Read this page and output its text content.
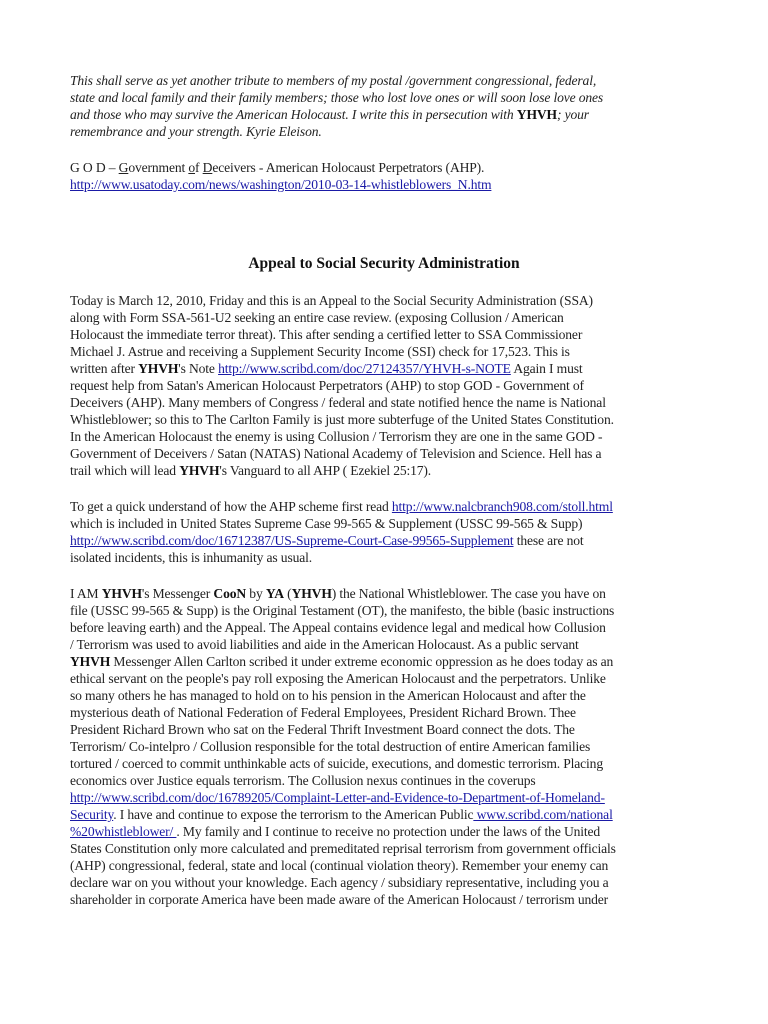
This shall serve as yet another tribute to members of my postal /government congressional, federal,
state and local family and their family members; those who lost love ones or will soon lose love ones
and those who may survive the American Holocaust. I write this in persecution with YHVH; your
remembrance and your strength. Kyrie Eleison.
G O D – Government of Deceivers - American Holocaust Perpetrators (AHP).
http://www.usatoday.com/news/washington/2010-03-14-whistleblowers_N.htm
Appeal to Social Security Administration
Today is March 12, 2010, Friday and this is an Appeal to the Social Security Administration (SSA)
along with Form SSA-561-U2 seeking an entire case review. (exposing Collusion / American
Holocaust the immediate terror threat). This after sending a certified letter to SSA Commissioner
Michael J. Astrue and receiving a Supplement Security Income (SSI) check for 17,523. This is
written after YHVH's Note http://www.scribd.com/doc/27124357/YHVH-s-NOTE Again I must
request help from Satan's American Holocaust Perpetrators (AHP) to stop GOD - Government of
Deceivers (AHP). Many members of Congress / federal and state notified hence the name is National
Whistleblower; so this to The Carlton Family is just more subterfuge of the United States Constitution.
In the American Holocaust the enemy is using Collusion / Terrorism they are one in the same GOD -
Government of Deceivers / Satan (NATAS) National Academy of Television and Science. Hell has a
trail which will lead YHVH's Vanguard to all AHP ( Ezekiel 25:17).
To get a quick understand of how the AHP scheme first read http://www.nalcbranch908.com/stoll.html
which is included in United States Supreme Case 99-565 & Supplement (USSC 99-565 & Supp)
http://www.scribd.com/doc/16712387/US-Supreme-Court-Case-99565-Supplement these are not
isolated incidents, this is inhumanity as usual.
I AM YHVH's Messenger CooN by YA (YHVH) the National Whistleblower. The case you have on
file (USSC 99-565 & Supp) is the Original Testament (OT), the manifesto, the bible (basic instructions
before leaving earth) and the Appeal. The Appeal contains evidence legal and medical how Collusion
/ Terrorism was used to avoid liabilities and aide in the American Holocaust. As a public servant
YHVH Messenger Allen Carlton scribed it under extreme economic oppression as he does today as an
ethical servant on the people's pay roll exposing the American Holocaust and the perpetrators. Unlike
so many others he has managed to hold on to his pension in the American Holocaust and after the
mysterious death of National Federation of Federal Employees, President Richard Brown. Thee
President Richard Brown who sat on the Federal Thrift Investment Board connect the dots. The
Terrorism/ Co-intelpro / Collusion responsible for the total destruction of entire American families
tortured / coerced to commit unthinkable acts of suicide, executions, and domestic terrorism. Placing
economics over Justice equals terrorism. The Collusion nexus continues in the coverups
http://www.scribd.com/doc/16789205/Complaint-Letter-and-Evidence-to-Department-of-Homeland-
Security. I have and continue to expose the terrorism to the American Public www.scribd.com/national
%20whistleblower/ . My family and I continue to receive no protection under the laws of the United
States Constitution only more calculated and premeditated reprisal terrorism from government officials
(AHP) congressional, federal, state and local (continual violation theory). Remember your enemy can
declare war on you without your knowledge. Each agency / subsidiary representative, including you a
shareholder in corporate America have been made aware of the American Holocaust / terrorism under
